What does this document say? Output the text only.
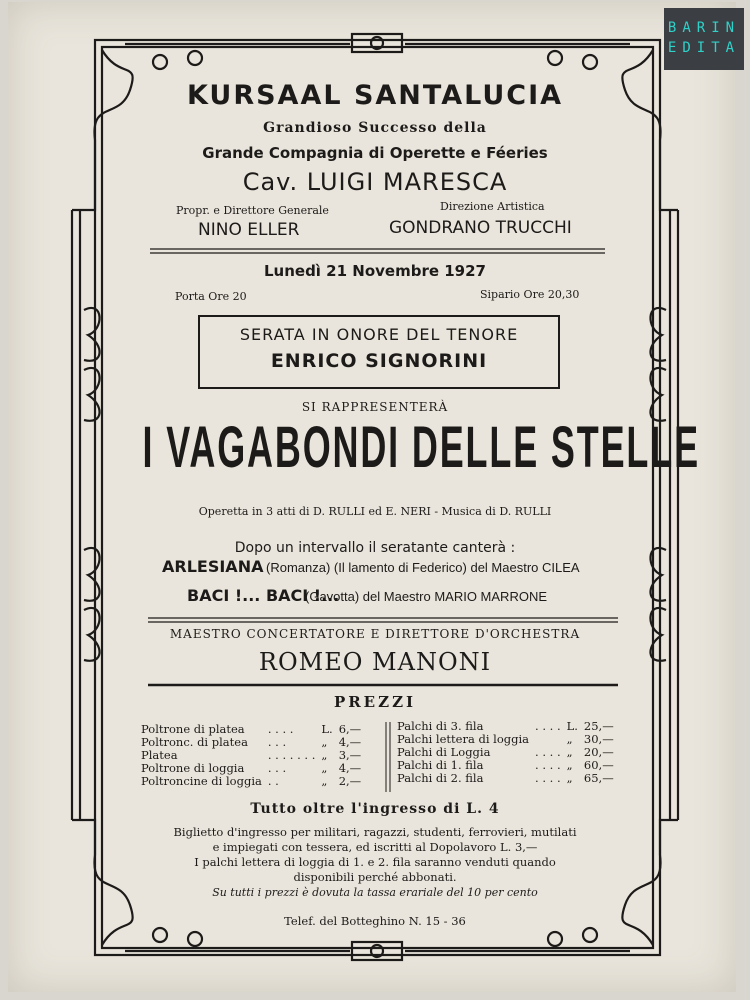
BARIN
EDITA
KURSAAL SANTALUCIA
Grandioso Successo della
Grande Compagnia di Operette e Féeries
Cav. LUIGI MARESCA
Propr. e Direttore Generale
NINO ELLER
Direzione Artistica
GONDRANO TRUCCHI
Lunedì 21 Novembre 1927
Porta Ore 20	Sipario Ore 20,30
SERATA IN ONORE DEL TENORE
ENRICO SIGNORINI
SI RAPPRESENTERÀ
I VAGABONDI DELLE STELLE
Operetta in 3 atti di D. RULLI ed E. NERI - Musica di D. RULLI
Dopo un intervallo il seratante canterà :
ARLESIANA (Romanza) (Il lamento di Federico) del Maestro CILEA
BACI !... BACI !...
(Gavotta) del Maestro MARIO MARRONE
MAESTRO CONCERTATORE E DIRETTORE D'ORCHESTRA
ROMEO MANONI
PREZZI
Poltrone di platea	. . . .	L.	6,—
Poltronc. di platea	. . .	„	4,—
Platea	. . . . . . .	„	3,—
Poltrone di loggia	. . .	„	4,—
Poltroncine di loggia	. .	„	2,—
Palchi di 3. fila	. . . .	L.	25,—
Palchi lettera di loggia		„	30,—
Palchi di Loggia	. . . .	„	20,—
Palchi di 1. fila	. . . .	„	60,—
Palchi di 2. fila	. . . .	„	65,—
Tutto oltre l'ingresso di L. 4
Biglietto d'ingresso per militari, ragazzi, studenti, ferrovieri, mutilati
e impiegati con tessera, ed iscritti al Dopolavoro L. 3,—
I palchi lettera di loggia di 1. e 2. fila saranno venduti quando
disponibili perché abbonati.
Su tutti i prezzi è dovuta la tassa erariale del 10 per cento
Telef. del Botteghino N. 15 - 36
